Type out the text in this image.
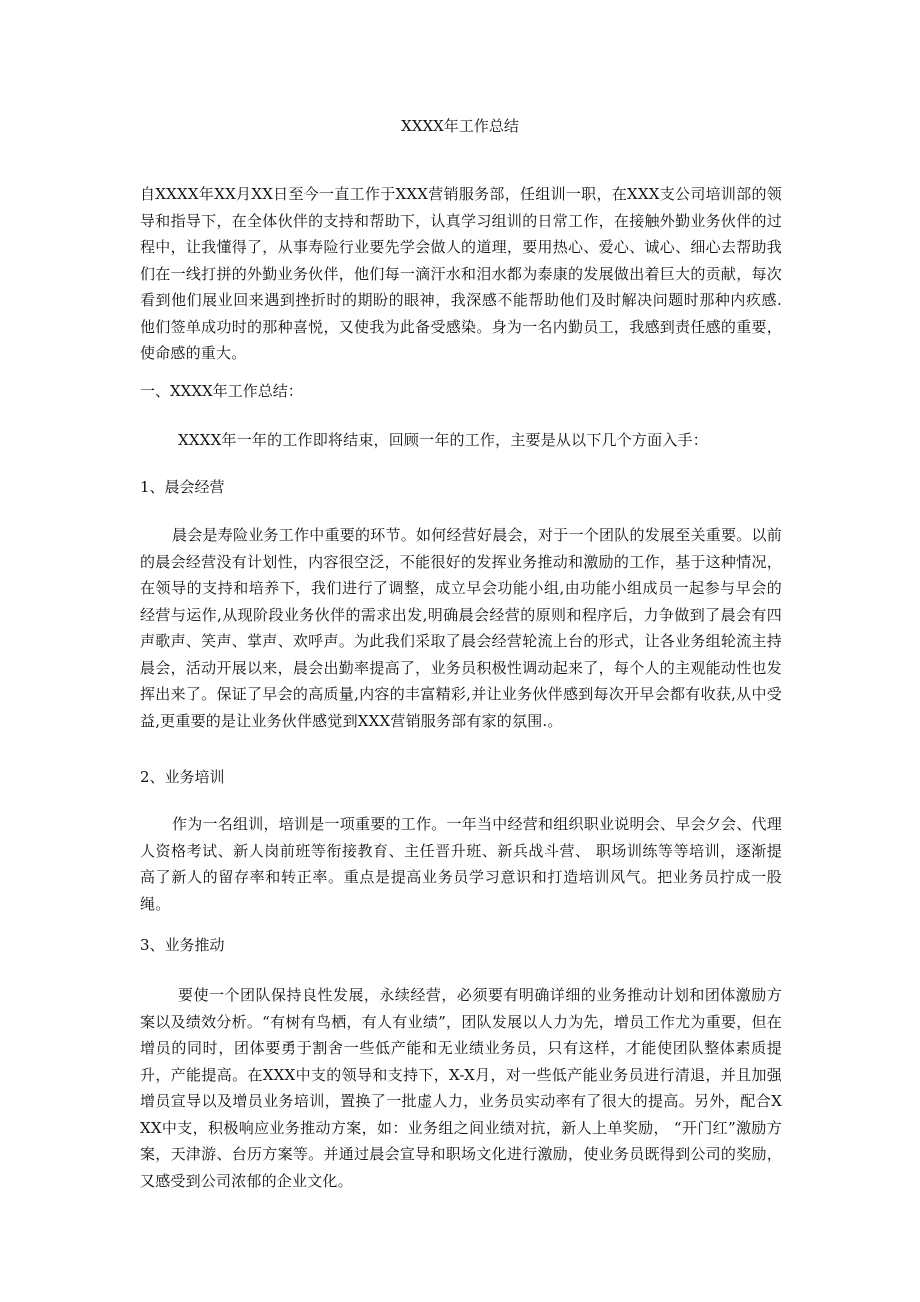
XXXX年工作总结
自XXXX年XX月XX日至今一直工作于XXX营销服务部，任组训一职，在XXX支公司培训部的领导和指导下，在全体伙伴的支持和帮助下，认真学习组训的日常工作，在接触外勤业务伙伴的过程中，让我懂得了，从事寿险行业要先学会做人的道理，要用热心、爱心、诚心、细心去帮助我们在一线打拼的外勤业务伙伴，他们每一滴汗水和泪水都为泰康的发展做出着巨大的贡献，每次看到他们展业回来遇到挫折时的期盼的眼神，我深感不能帮助他们及时解决问题时那种内疚感. 他们签单成功时的那种喜悦，又使我为此备受感染。身为一名内勤员工，我感到责任感的重要，使命感的重大。
一、XXXX年工作总结：
XXXX年一年的工作即将结束，回顾一年的工作，主要是从以下几个方面入手：
1、晨会经营
晨会是寿险业务工作中重要的环节。如何经营好晨会，对于一个团队的发展至关重要。以前的晨会经营没有计划性，内容很空泛，不能很好的发挥业务推动和激励的工作，基于这种情况，在领导的支持和培养下，我们进行了调整，成立早会功能小组,由功能小组成员一起参与早会的经营与运作,从现阶段业务伙伴的需求出发,明确晨会经营的原则和程序后，力争做到了晨会有四声歌声、笑声、掌声、欢呼声。为此我们采取了晨会经营轮流上台的形式，让各业务组轮流主持晨会，活动开展以来，晨会出勤率提高了，业务员积极性调动起来了，每个人的主观能动性也发挥出来了。保证了早会的高质量,内容的丰富精彩,并让业务伙伴感到每次开早会都有收获,从中受益,更重要的是让业务伙伴感觉到XXX营销服务部有家的氛围.。
2、业务培训
作为一名组训，培训是一项重要的工作。一年当中经营和组织职业说明会、早会夕会、代理人资格考试、新人岗前班等衔接教育、主任晋升班、新兵战斗营、 职场训练等等培训，逐渐提高了新人的留存率和转正率。重点是提高业务员学习意识和打造培训风气。把业务员拧成一股绳。
3、业务推动
要使一个团队保持良性发展，永续经营，必须要有明确详细的业务推动计划和团体激励方案以及绩效分析。“有树有鸟栖，有人有业绩”，团队发展以人力为先，增员工作尤为重要，但在增员的同时，团体要勇于割舍一些低产能和无业绩业务员，只有这样，才能使团队整体素质提升，产能提高。在XXX中支的领导和支持下，X-X月，对一些低产能业务员进行清退，并且加强增员宣导以及增员业务培训，置换了一批虚人力，业务员实动率有了很大的提高。另外，配合XXX中支，积极响应业务推动方案，如：业务组之间业绩对抗，新人上单奖励， “开门红”激励方案，天津游、台历方案等。并通过晨会宣导和职场文化进行激励，使业务员既得到公司的奖励，又感受到公司浓郁的企业文化。
